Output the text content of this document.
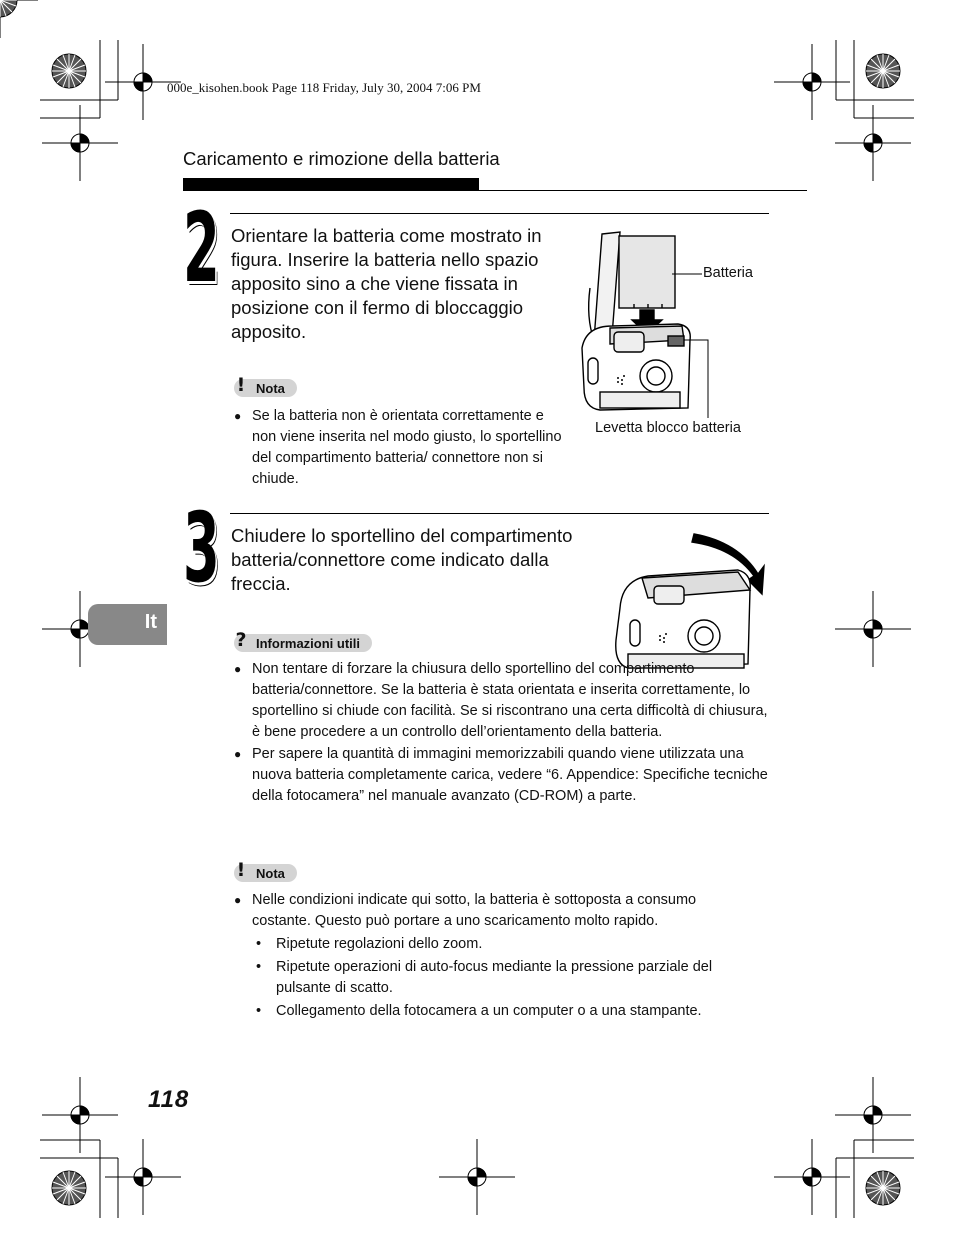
000e_kisohen.book Page 118 Friday, July 30, 2004 7:06 PM
Caricamento e rimozione della batteria
2 Orientare la batteria come mostrato in figura. Inserire la batteria nello spazio apposito sino a che viene fissata in posizione con il fermo di bloccaggio apposito.
! Nota
● Se la batteria non è orientata correttamente e non viene inserita nel modo giusto, lo sportellino del compartimento batteria/ connettore non si chiude.
Batteria
Levetta blocco batteria
3 Chiudere lo sportellino del compartimento batteria/connettore come indicato dalla freccia.
? Informazioni utili
● Non tentare di forzare la chiusura dello sportellino del compartimento batteria/connettore. Se la batteria è stata orientata e inserita correttamente, lo sportellino si chiude con facilità. Se si riscontrano una certa difficoltà di chiusura, è bene procedere a un controllo dell’orientamento della batteria.
● Per sapere la quantità di immagini memorizzabili quando viene utilizzata una nuova batteria completamente carica, vedere “6. Appendice: Specifiche tecniche della fotocamera” nel manuale avanzato (CD-ROM) a parte.
! Nota
● Nelle condizioni indicate qui sotto, la batteria è sottoposta a consumo costante. Questo può portare a uno scaricamento molto rapido.
• Ripetute regolazioni dello zoom.
• Ripetute operazioni di auto-focus mediante la pressione parziale del pulsante di scatto.
• Collegamento della fotocamera a un computer o a una stampante.
It
118
